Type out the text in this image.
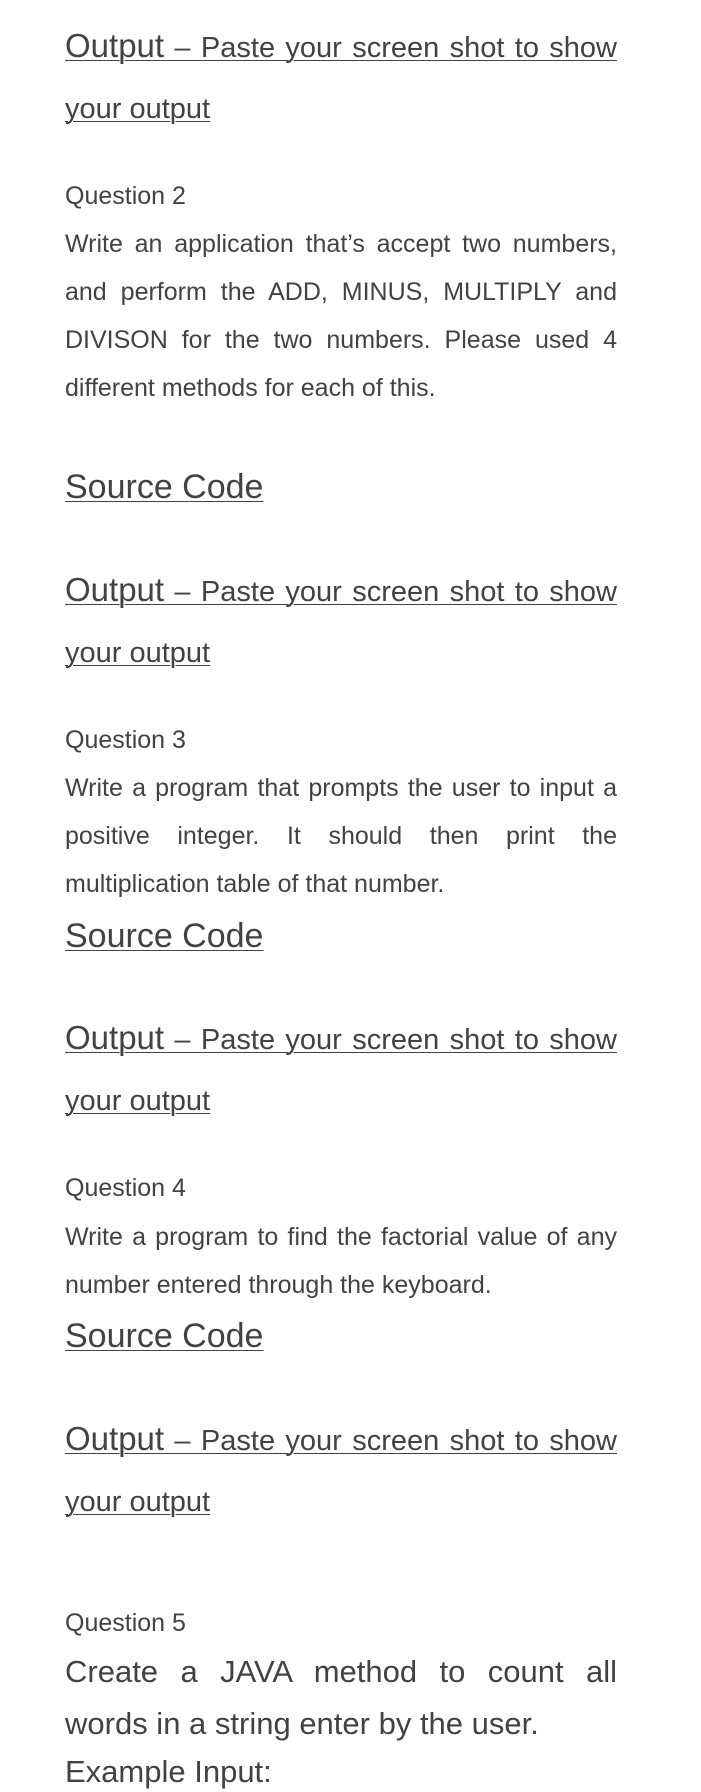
Output – Paste your screen shot to show your output
Question 2
Write an application that’s accept two numbers, and perform the ADD, MINUS, MULTIPLY and DIVISON for the two numbers. Please used 4 different methods for each of this.
Source Code
Output – Paste your screen shot to show your output
Question 3
Write a program that prompts the user to input a positive integer. It should then print the multiplication table of that number.
Source Code
Output – Paste your screen shot to show your output
Question 4
Write a program to find the factorial value of any number entered through the keyboard.
Source Code
Output – Paste your screen shot to show your output
Question 5
Create a JAVA method to count all words in a string enter by the user.
Example Input:
